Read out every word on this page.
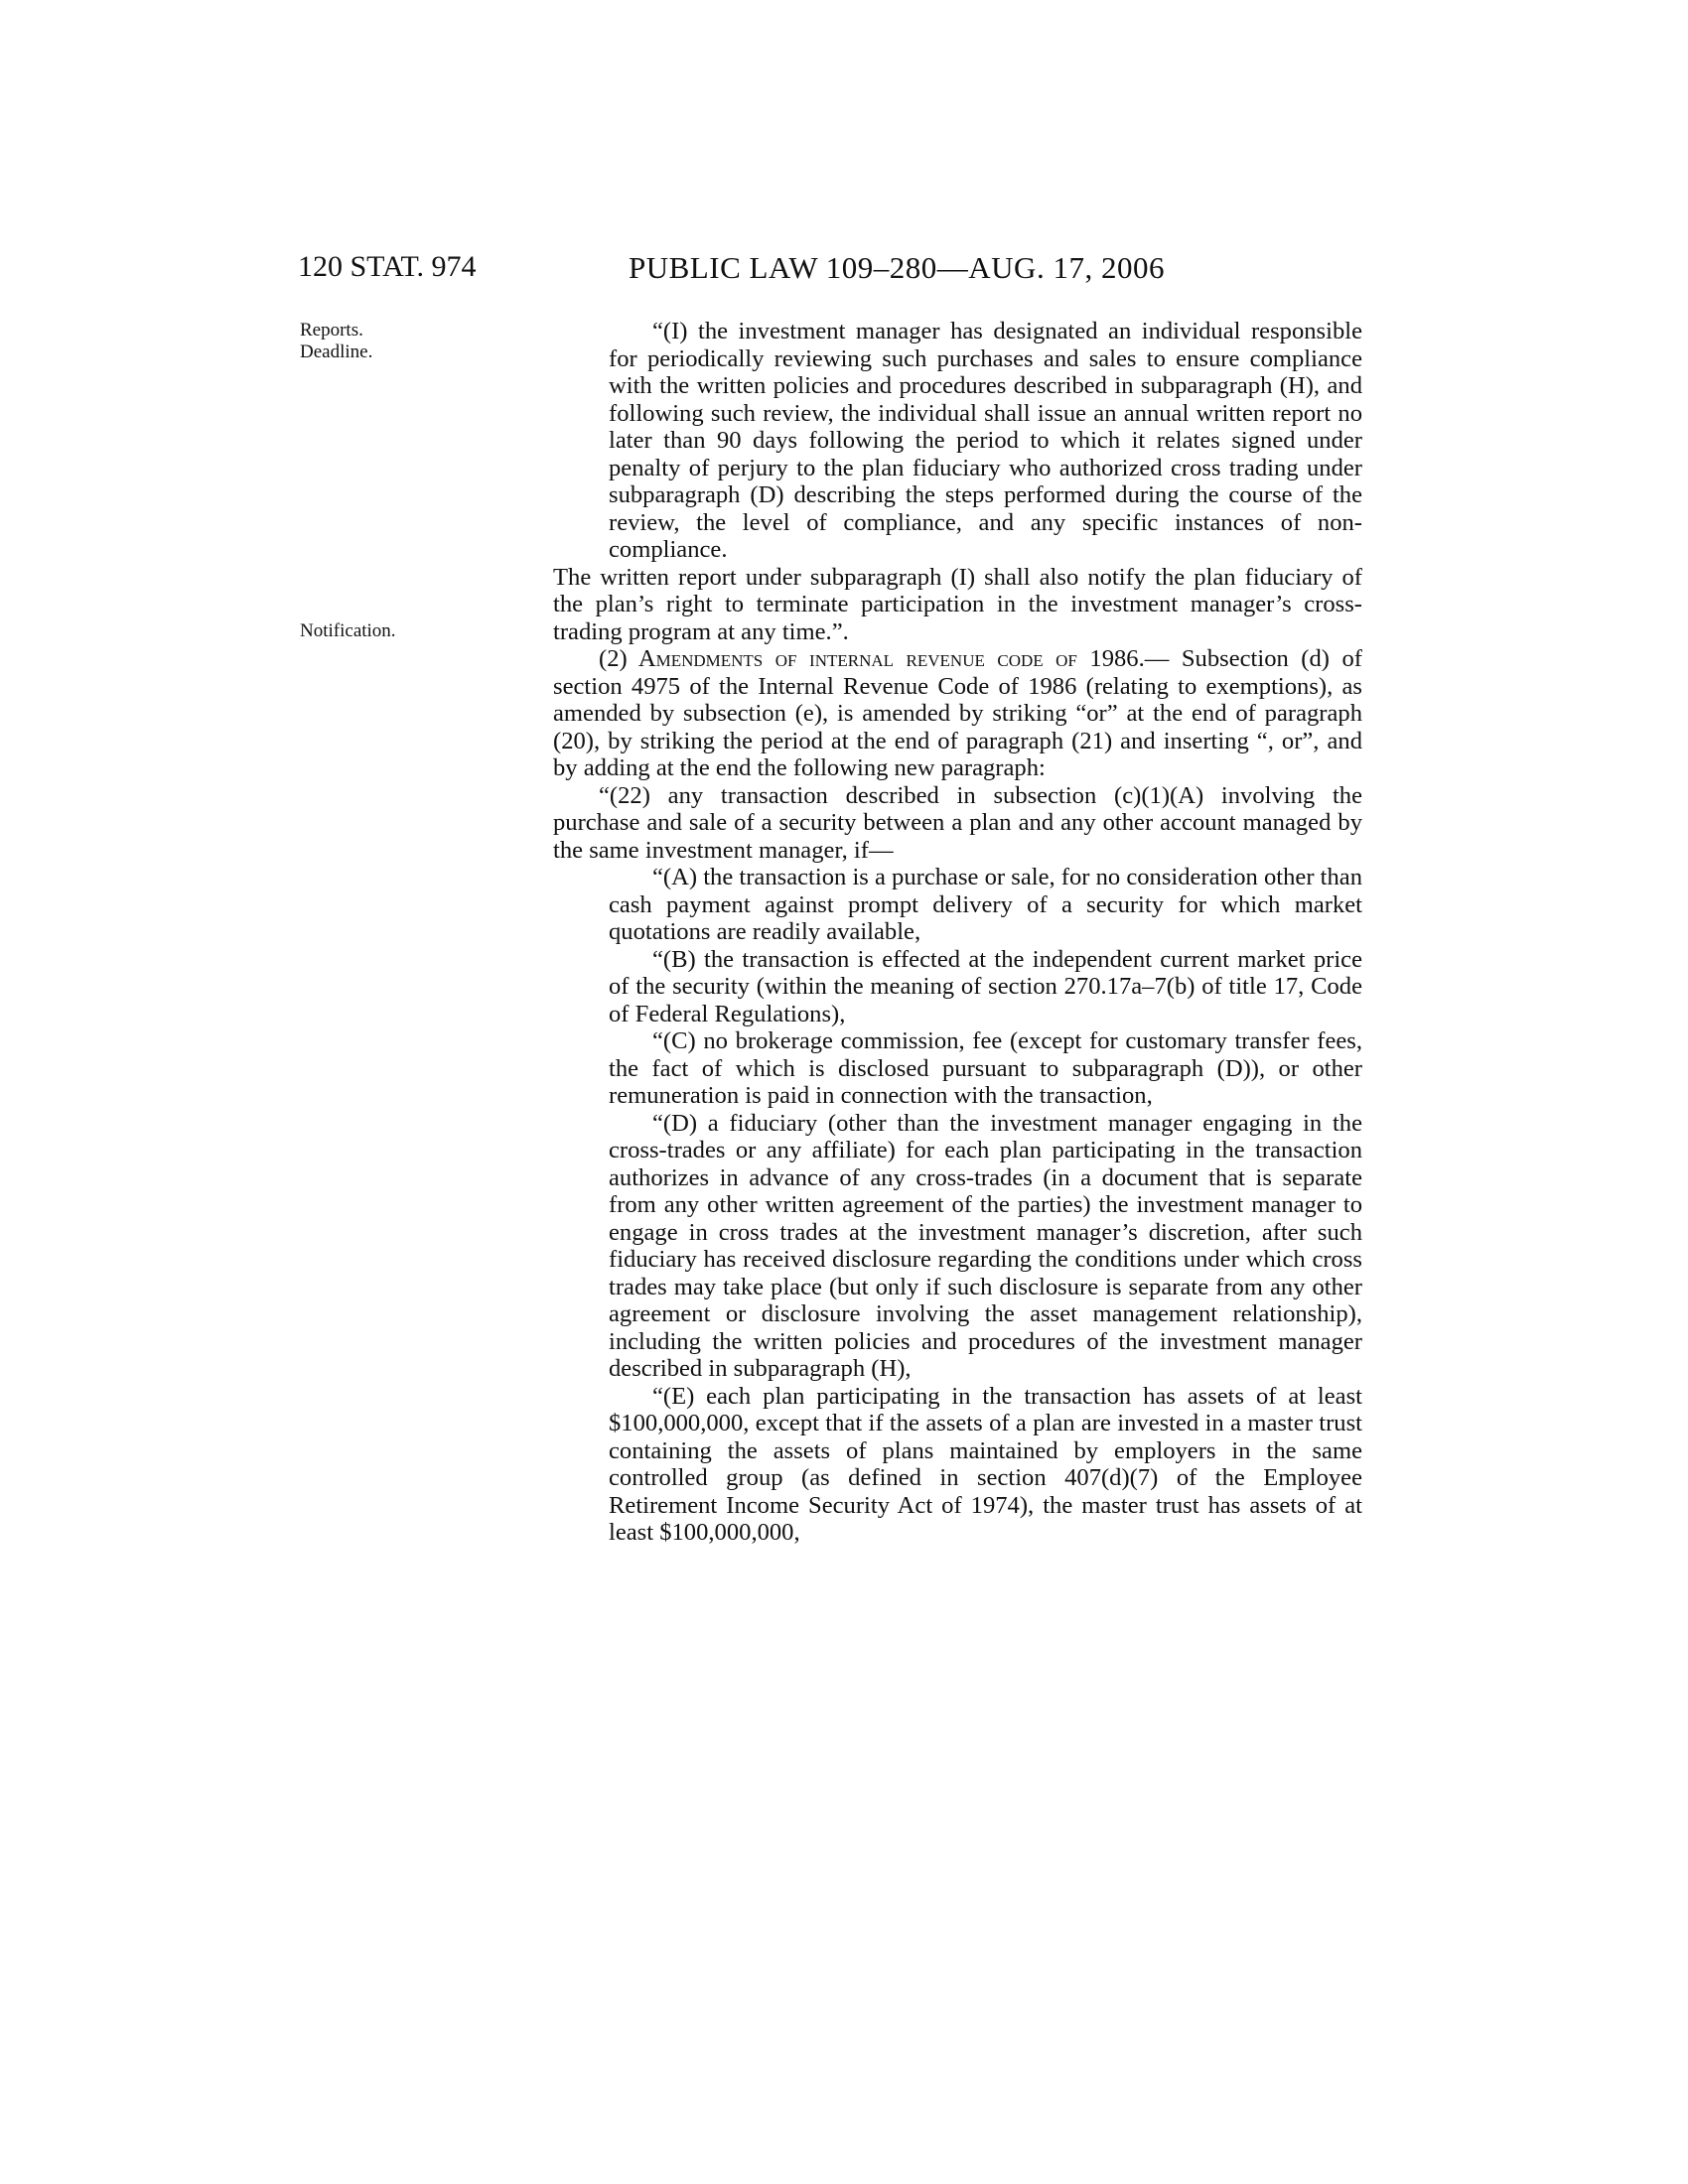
120 STAT. 974	PUBLIC LAW 109–280—AUG. 17, 2006
Reports.
Deadline.
Notification.

“(I) the investment manager has designated an individual responsible for periodically reviewing such purchases and sales to ensure compliance with the written policies and procedures described in subparagraph (H), and following such review, the individual shall issue an annual written report no later than 90 days following the period to which it relates signed under penalty of perjury to the plan fiduciary who authorized cross trading under subparagraph (D) describing the steps performed during the course of the review, the level of compliance, and any specific instances of non-compliance.

The written report under subparagraph (I) shall also notify the plan fiduciary of the plan’s right to terminate participation in the investment manager’s cross-trading program at any time.”.

(2) Amendments of internal revenue code of 1986.— Subsection (d) of section 4975 of the Internal Revenue Code of 1986 (relating to exemptions), as amended by subsection (e), is amended by striking “or” at the end of paragraph (20), by striking the period at the end of paragraph (21) and inserting “, or”, and by adding at the end the following new paragraph:

“(22) any transaction described in subsection (c)(1)(A) involving the purchase and sale of a security between a plan and any other account managed by the same investment manager, if—

“(A) the transaction is a purchase or sale, for no consideration other than cash payment against prompt delivery of a security for which market quotations are readily available,

“(B) the transaction is effected at the independent current market price of the security (within the meaning of section 270.17a–7(b) of title 17, Code of Federal Regulations),

“(C) no brokerage commission, fee (except for customary transfer fees, the fact of which is disclosed pursuant to subparagraph (D)), or other remuneration is paid in connection with the transaction,

“(D) a fiduciary (other than the investment manager engaging in the cross-trades or any affiliate) for each plan participating in the transaction authorizes in advance of any cross-trades (in a document that is separate from any other written agreement of the parties) the investment manager to engage in cross trades at the investment manager’s discretion, after such fiduciary has received disclosure regarding the conditions under which cross trades may take place (but only if such disclosure is separate from any other agreement or disclosure involving the asset management relationship), including the written policies and procedures of the investment manager described in subparagraph (H),

“(E) each plan participating in the transaction has assets of at least $100,000,000, except that if the assets of a plan are invested in a master trust containing the assets of plans maintained by employers in the same controlled group (as defined in section 407(d)(7) of the Employee Retirement Income Security Act of 1974), the master trust has assets of at least $100,000,000,
